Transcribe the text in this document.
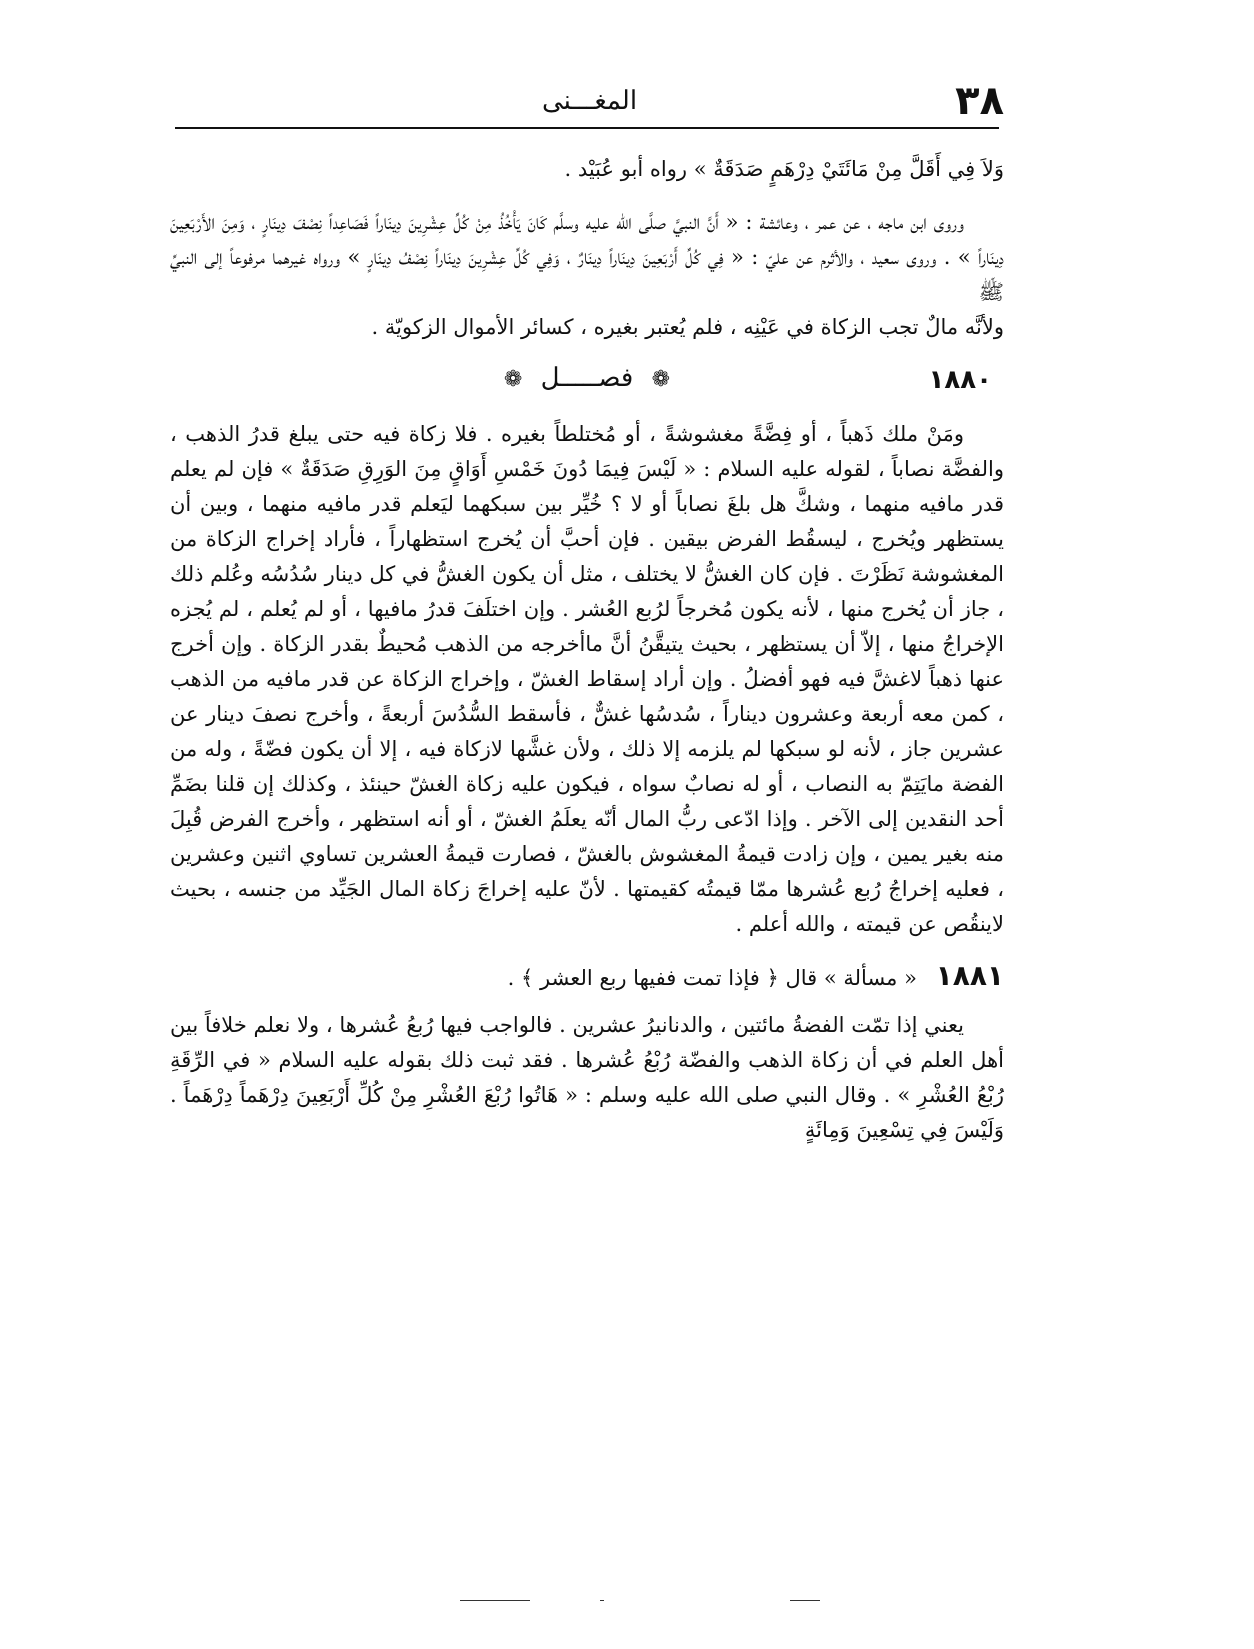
٣٨
المغـــنى

وَلاَ فِي أَقَلَّ مِنْ مَائَتَيْ دِرْهَمٍ صَدَقَةٌ » رواه أبو عُبَيْد .

وروى ابن ماجه ، عن عمر ، وعائشة : « أَنَّ النبيَّ صلَّى الله عليه وسلَّم كَانَ يَأْخُذُ مِنْ كُلِّ عِشْرِينَ دِينَاراً فَصَاعِداً نِصْفَ دِينَارٍ ، وَمِنَ الأَرْبَعِينَ دِينَاراً » . وروى سعيد ، والأثرم عن عليّ : « فِي كُلِّ أَرْبَعِينَ دِينَاراً دِينَارٌ ، وَفِي كُلِّ عِشْرِينَ دِينَاراً نِصْفُ دِينَارٍ » ورواه غيرهما مرفوعاً إلى النبيِّ ﷺ

ولأنَّه مالٌ تجب الزكاة في عَيْنِه ، فلم يُعتبر بغيره ، كسائر الأموال الزكويّة .

١٨٨٠
❁ فصـــــل ❁

ومَنْ ملك ذَهباً ، أو فِضَّةً مغشوشةً ، أو مُختلطاً بغيره . فلا زكاة فيه حتى يبلغ قدرُ الذهب ، والفضَّة نصاباً ، لقوله عليه السلام : « لَيْسَ فِيمَا دُونَ خَمْسِ أَوَاقٍ مِنَ الوَرِقِ صَدَقَةٌ » فإن لم يعلم قدر مافيه منهما ، وشكَّ هل بلغَ نصاباً أو لا ؟ خُيِّر بين سبكهما ليَعلم قدر مافيه منهما ، وبين أن يستظهر ويُخرج ، ليسقُط الفرض بيقين . فإن أحبَّ أن يُخرج استظهاراً ، فأراد إخراج الزكاة من المغشوشة نَظَرْتَ . فإن كان الغشُّ لا يختلف ، مثل أن يكون الغشُّ في كل دينار سُدُسُه وعُلم ذلك ، جاز أن يُخرج منها ، لأنه يكون مُخرجاً لرُبع العُشر . وإن اختلَفَ قدرُ مافيها ، أو لم يُعلم ، لم يُجزه الإخراجُ منها ، إلاّ أن يستظهر ، بحيث يتيقَّنُ أنَّ ماأخرجه من الذهب مُحيطٌ بقدر الزكاة . وإن أخرج عنها ذهباً لاغشَّ فيه فهو أفضلُ . وإن أراد إسقاط الغشّ ، وإخراج الزكاة عن قدر مافيه من الذهب ، كمن معه أربعة وعشرون ديناراً ، سُدسُها غشٌّ ، فأسقط السُّدُسَ أربعةً ، وأخرج نصفَ دينار عن عشرين جاز ، لأنه لو سبكها لم يلزمه إلا ذلك ، ولأن غشَّها لازكاة فيه ، إلا أن يكون فضّةً ، وله من الفضة مايَتِمّ به النصاب ، أو له نصابٌ سواه ، فيكون عليه زكاة الغشّ حينئذ ، وكذلك إن قلنا بضَمِّ أحد النقدين إلى الآخر . وإذا ادّعى ربُّ المال أنّه يعلَمُ الغشّ ، أو أنه استظهر ، وأخرج الفرض قُبِلَ منه بغير يمين ، وإن زادت قيمةُ المغشوش بالغشّ ، فصارت قيمةُ العشرين تساوي اثنين وعشرين ، فعليه إخراجُ رُبع عُشرها ممّا قيمتُه كقيمتها . لأنّ عليه إخراجَ زكاة المال الجَيِّد من جنسه ، بحيث لاينقُص عن قيمته ، والله أعلم .

١٨٨١ « مسألة » قال ﴿ فإذا تمت ففيها ربع العشر ﴾ .

يعني إذا تمّت الفضةُ مائتين ، والدنانيرُ عشرين . فالواجب فيها رُبعُ عُشرها ، ولا نعلم خلافاً بين أهل العلم في أن زكاة الذهب والفضّة رُبْعُ عُشرها . فقد ثبت ذلك بقوله عليه السلام « في الرِّقَةِ رُبْعُ العُشْرِ » . وقال النبي صلى الله عليه وسلم : « هَاتُوا رُبْعَ العُشْرِ مِنْ كُلِّ أَرْبَعِينَ دِرْهَماً دِرْهَماً . وَلَيْسَ فِي تِسْعِينَ وَمِائَةٍ
